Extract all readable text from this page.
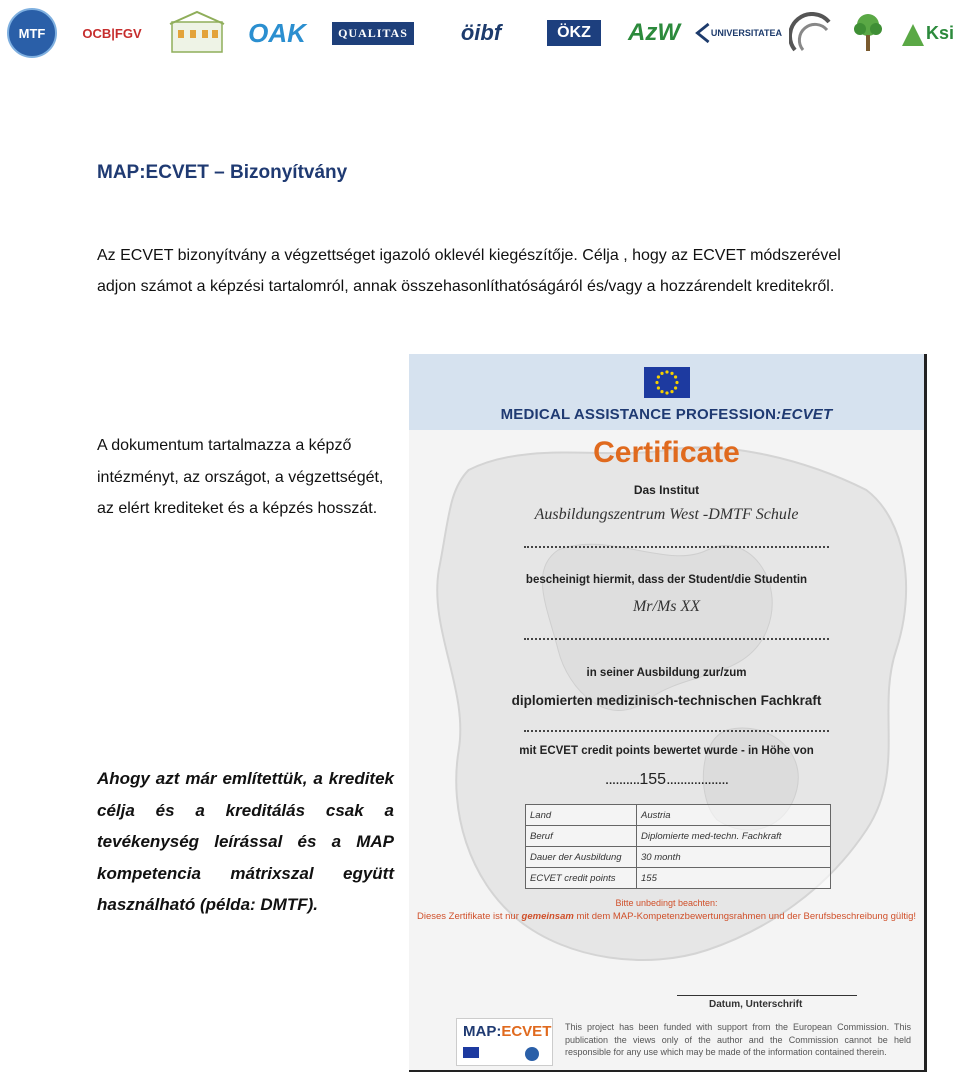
MTF	OCB|FGV	OAK	QUALITAS öibf	ÖKZ	AzW	UNIVERSITATEA	Ksi
MAP:ECVET – Bizonyítvány
Az ECVET bizonyítvány a végzettséget igazoló oklevél kiegészítője. Célja , hogy az ECVET módszerével adjon számot a képzési tartalomról, annak összehasonlíthatóságáról és/vagy a hozzárendelt kreditekről.
A dokumentum tartalmazza a képző intézményt, az országot, a végzettségét, az elért krediteket és a képzés hosszát.
Ahogy azt már említettük, a kreditek célja és a kreditálás csak a tevékenység leírással és a MAP kompetencia mátrixszal együtt használható (példa: DMTF).
MEDICAL ASSISTANCE PROFESSION:ECVET
Certificate
Das Institut
Ausbildungszentrum West -DMTF Schule
bescheinigt hiermit, dass der Student/die Studentin
Mr/Ms XX
in seiner Ausbildung zur/zum
diplomierten medizinisch-technischen Fachkraft
mit ECVET credit points bewertet wurde - in Höhe von
..........155..................
Land	Austria
Beruf	Diplomierte med-techn. Fachkraft
Dauer der Ausbildung	30 month
ECVET credit points	155
Bitte unbedingt beachten:
Dieses Zertifikate ist nur gemeinsam mit dem MAP-Kompetenzbewertungsrahmen und der Berufsbeschreibung gültig!
Datum, Unterschrift
MAP:ECVET This project has been funded with support from the European Commission. This publication the views only of the author and the Commission cannot be held responsible for any use which may be made of the information contained therein.
